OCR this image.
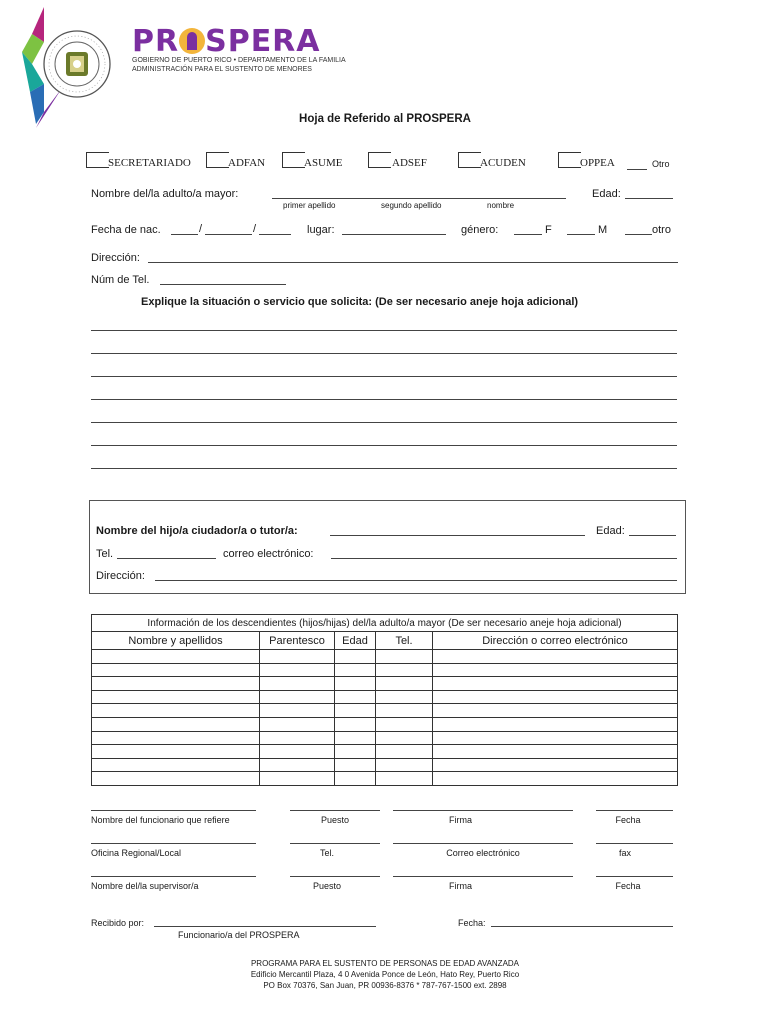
PR SPERA
GOBIERNO DE PUERTO RICO • DEPARTAMENTO DE LA FAMILIA
ADMINISTRACIÓN PARA EL SUSTENTO DE MENORES
Hoja de Referido al PROSPERA
SECRETARIADO	ADFAN	ASUME	ADSEF	ACUDEN	OPPEA	Otro
Nombre del/la adulto/a mayor:
primer apellido	segundo apellido	nombre
Edad:
Fecha de nac.	/	/	lugar:	género:	F	M	otro
Dirección:
Núm de Tel.
Explique la situación o servicio que solicita: (De ser necesario aneje hoja adicional)
Nombre del hijo/a ciudador/a o tutor/a:	Edad:
Tel.	correo electrónico:
Dirección:
Información de los descendientes (hijos/hijas) del/la adulto/a mayor (De ser necesario aneje hoja adicional)				
Nombre y apellidos	Parentesco	Edad	Tel.	Dirección o correo electrónico

Nombre del funcionario que refiere	Puesto	Firma	Fecha
Oficina Regional/Local	Tel.	Correo electrónico	fax
Nombre del/la supervisor/a	Puesto	Firma	Fecha
Recibido por:
Funcionario/a del PROSPERA
Fecha:
PROGRAMA PARA EL SUSTENTO DE PERSONAS DE EDAD AVANZADA
Edificio Mercantil Plaza, 4 0 Avenida Ponce de León, Hato Rey, Puerto Rico
PO Box 70376, San Juan, PR 00936-8376 * 787-767-1500 ext. 2898
